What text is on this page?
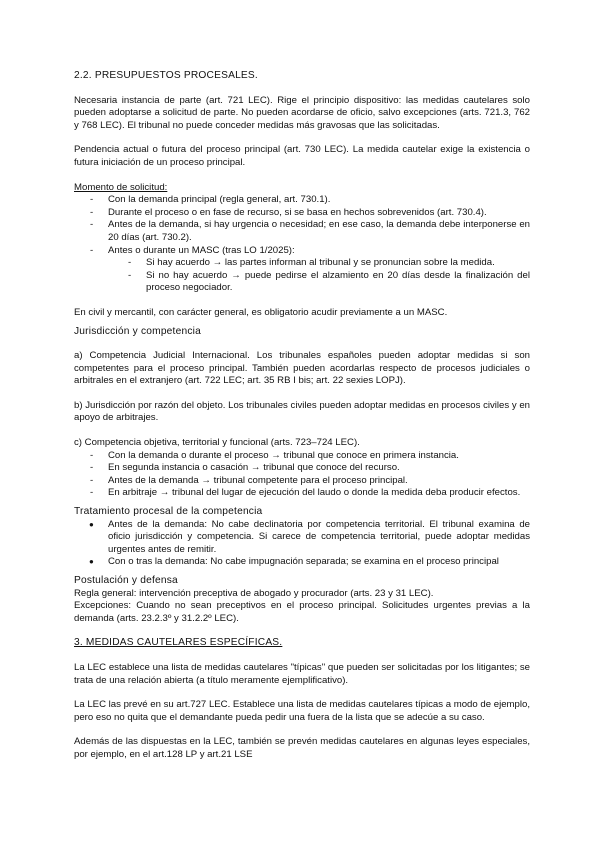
2.2. PRESUPUESTOS PROCESALES.

Necesaria instancia de parte (art. 721 LEC). Rige el principio dispositivo: las medidas cautelares solo pueden adoptarse a solicitud de parte. No pueden acordarse de oficio, salvo excepciones (arts. 721.3, 762 y 768 LEC). El tribunal no puede conceder medidas más gravosas que las solicitadas.

Pendencia actual o futura del proceso principal (art. 730 LEC). La medida cautelar exige la existencia o futura iniciación de un proceso principal.

Momento de solicitud:

- Con la demanda principal (regla general, art. 730.1).
- Durante el proceso o en fase de recurso, si se basa en hechos sobrevenidos (art. 730.4).
- Antes de la demanda, si hay urgencia o necesidad; en ese caso, la demanda debe interponerse en 20 días (art. 730.2).
- Antes o durante un MASC (tras LO 1/2025):
- Si hay acuerdo → las partes informan al tribunal y se pronuncian sobre la medida.
- Si no hay acuerdo → puede pedirse el alzamiento en 20 días desde la finalización del proceso negociador.

En civil y mercantil, con carácter general, es obligatorio acudir previamente a un MASC.

Jurisdicción y competencia

a) Competencia Judicial Internacional. Los tribunales españoles pueden adoptar medidas si son competentes para el proceso principal. También pueden acordarlas respecto de procesos judiciales o arbitrales en el extranjero (art. 722 LEC; art. 35 RB I bis; art. 22 sexies LOPJ).

b) Jurisdicción por razón del objeto. Los tribunales civiles pueden adoptar medidas en procesos civiles y en apoyo de arbitrajes.

c) Competencia objetiva, territorial y funcional (arts. 723–724 LEC).

- Con la demanda o durante el proceso → tribunal que conoce en primera instancia.
- En segunda instancia o casación → tribunal que conoce del recurso.
- Antes de la demanda → tribunal competente para el proceso principal.
- En arbitraje → tribunal del lugar de ejecución del laudo o donde la medida deba producir efectos.

Tratamiento procesal de la competencia

● Antes de la demanda: No cabe declinatoria por competencia territorial. El tribunal examina de oficio jurisdicción y competencia. Si carece de competencia territorial, puede adoptar medidas urgentes antes de remitir.
● Con o tras la demanda: No cabe impugnación separada; se examina en el proceso principal

Postulación y defensa

Regla general: intervención preceptiva de abogado y procurador (arts. 23 y 31 LEC).

Excepciones: Cuando no sean preceptivos en el proceso principal. Solicitudes urgentes previas a la demanda (arts. 23.2.3º y 31.2.2º LEC).

3. MEDIDAS CAUTELARES ESPECÍFICAS.

La LEC establece una lista de medidas cautelares "típicas" que pueden ser solicitadas por los litigantes; se trata de una relación abierta (a título meramente ejemplificativo).

La LEC las prevé en su art.727 LEC. Establece una lista de medidas cautelares típicas a modo de ejemplo, pero eso no quita que el demandante pueda pedir una fuera de la lista que se adecúe a su caso.

Además de las dispuestas en la LEC, también se prevén medidas cautelares en algunas leyes especiales, por ejemplo, en el art.128 LP y art.21 LSE
